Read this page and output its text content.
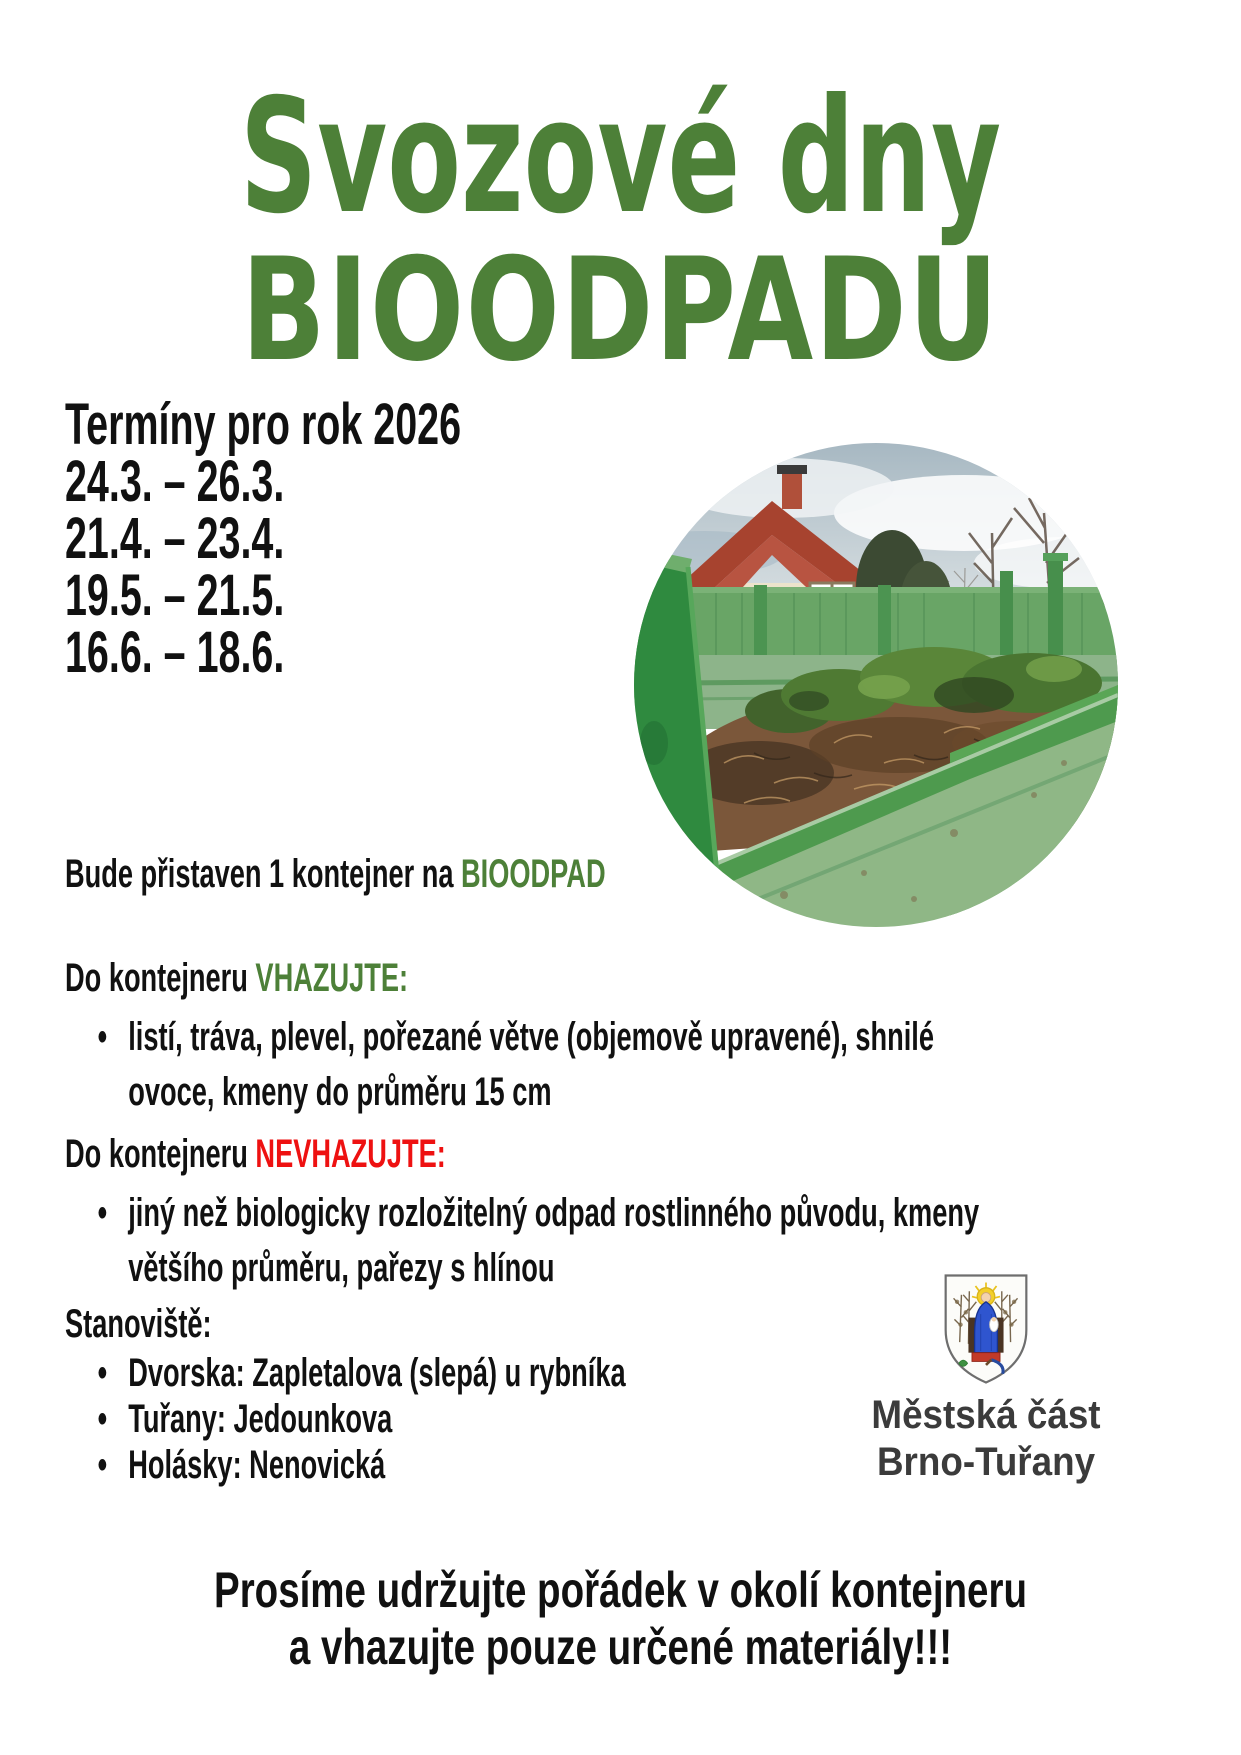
Svozové dny
BIOODPADU
Termíny pro rok 2026
24.3. – 26.3.
21.4. – 23.4.
19.5. – 21.5.
16.6. – 18.6.
Bude přistaven 1 kontejner na BIOODPAD
Do kontejneru VHAZUJTE:
• listí, tráva, plevel, pořezané větve (objemově upravené), shnilé ovoce, kmeny do průměru 15 cm
Do kontejneru NEVHAZUJTE:
• jiný než biologicky rozložitelný odpad rostlinného původu, kmeny většího průměru, pařezy s hlínou
Stanoviště:
• Dvorska: Zapletalova (slepá) u rybníka
• Tuřany: Jedounkova
• Holásky: Nenovická
Městská část
Brno-Tuřany
Prosíme udržujte pořádek v okolí kontejneru
a vhazujte pouze určené materiály!!!
